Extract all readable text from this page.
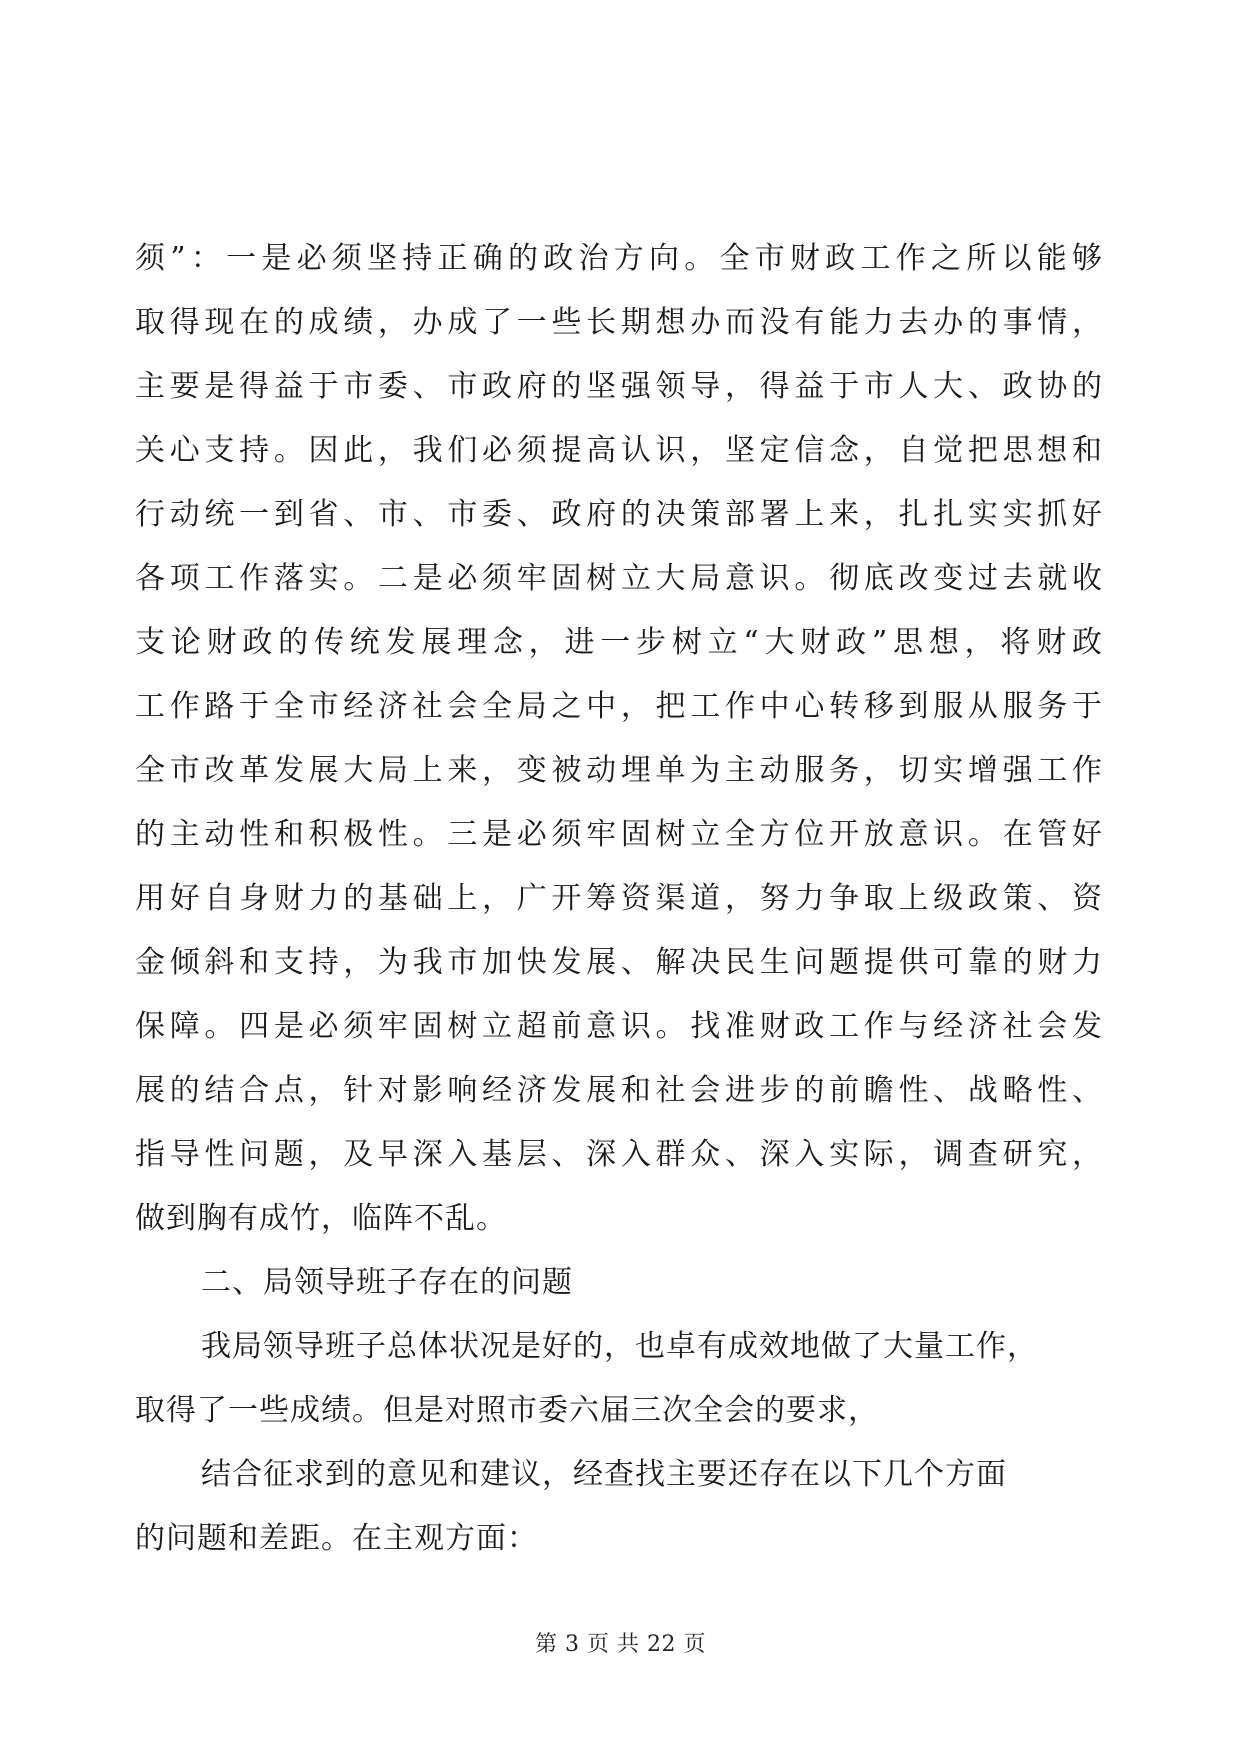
须”：一是必须坚持正确的政治方向。全市财政工作之所以能够
取得现在的成绩，办成了一些长期想办而没有能力去办的事情，
主要是得益于市委、市政府的坚强领导，得益于市人大、政协的
关心支持。因此，我们必须提高认识，坚定信念，自觉把思想和
行动统一到省、市、市委、政府的决策部署上来，扎扎实实抓好
各项工作落实。二是必须牢固树立大局意识。彻底改变过去就收
支论财政的传统发展理念，进一步树立“大财政”思想，将财政
工作路于全市经济社会全局之中，把工作中心转移到服从服务于
全市改革发展大局上来，变被动埋单为主动服务，切实增强工作
的主动性和积极性。三是必须牢固树立全方位开放意识。在管好
用好自身财力的基础上，广开筹资渠道，努力争取上级政策、资
金倾斜和支持，为我市加快发展、解决民生问题提供可靠的财力
保障。四是必须牢固树立超前意识。找准财政工作与经济社会发
展的结合点，针对影响经济发展和社会进步的前瞻性、战略性、
指导性问题，及早深入基层、深入群众、深入实际，调查研究，
做到胸有成竹，临阵不乱。
二、局领导班子存在的问题
我局领导班子总体状况是好的，也卓有成效地做了大量工作，
取得了一些成绩。但是对照市委六届三次全会的要求，
结合征求到的意见和建议，经查找主要还存在以下几个方面
的问题和差距。在主观方面：
第 3 页 共 22 页
